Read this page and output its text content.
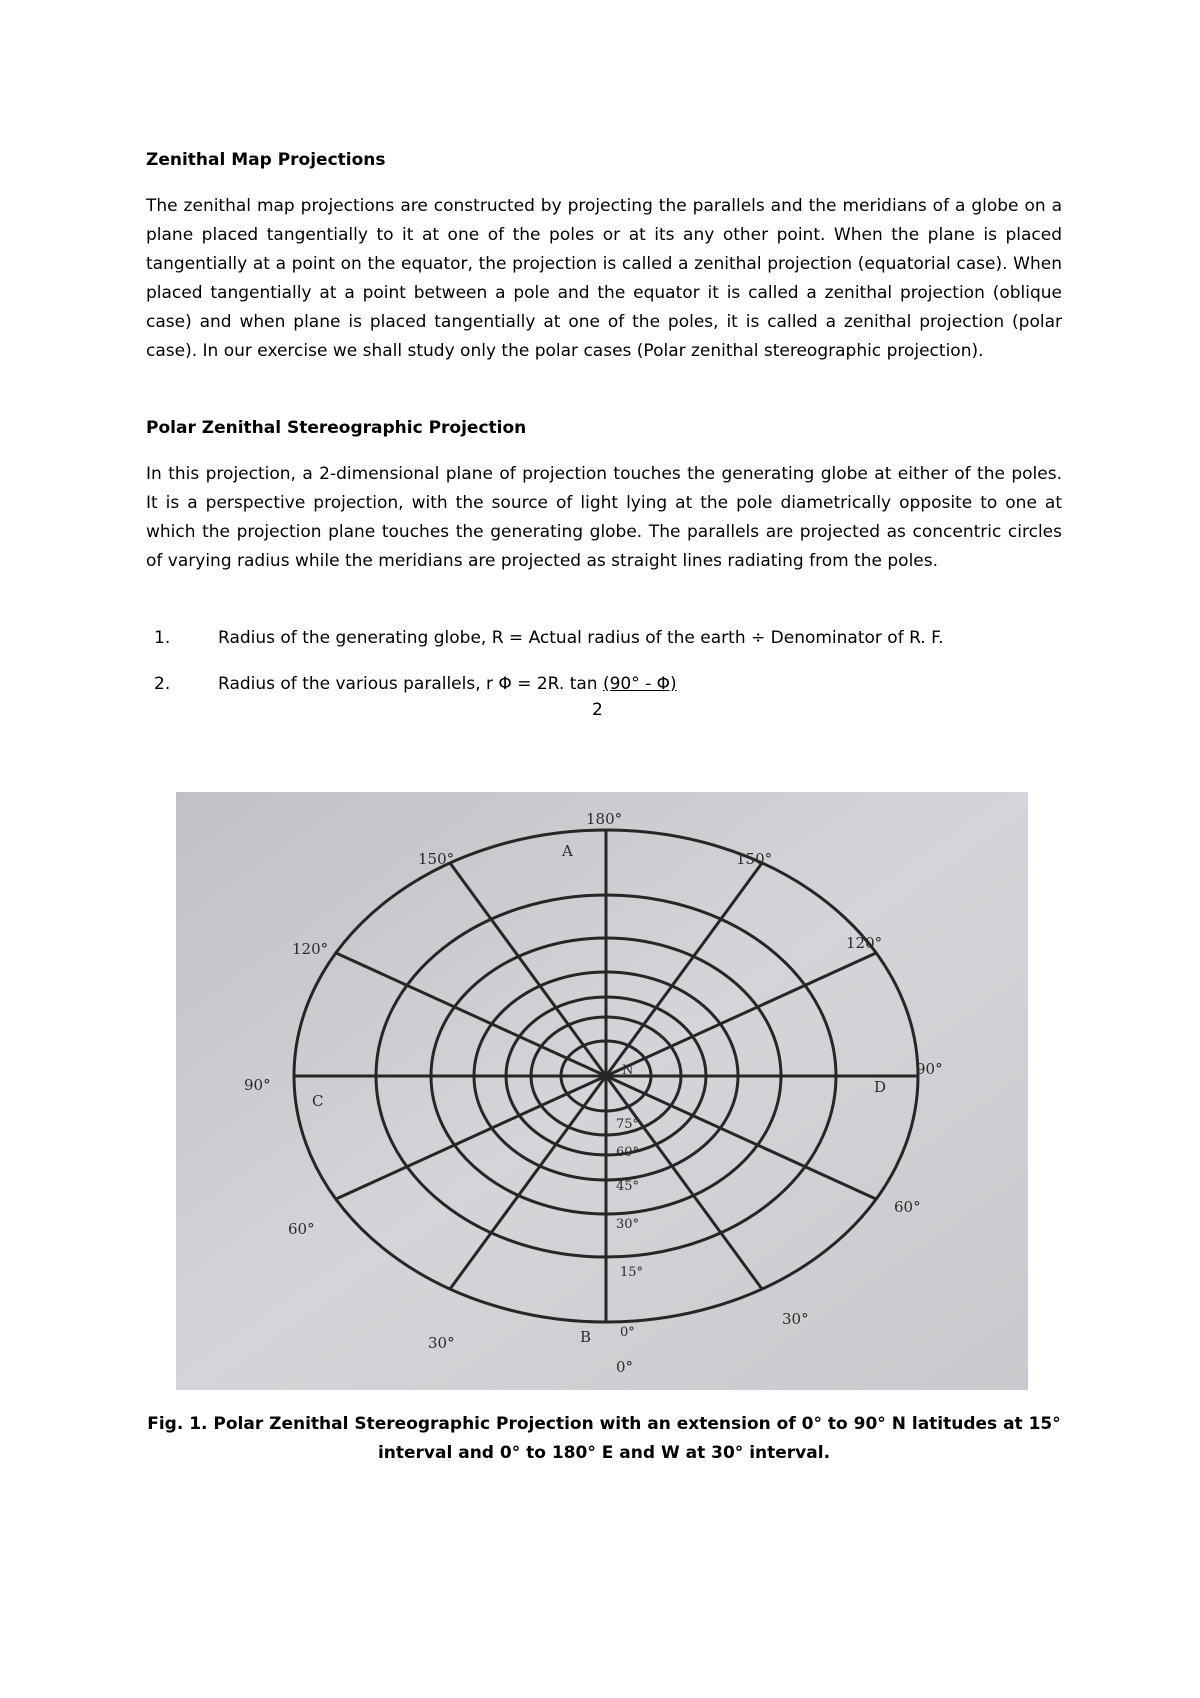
Zenithal Map Projections

The zenithal map projections are constructed by projecting the parallels and the meridians of a globe on a plane placed tangentially to it at one of the poles or at its any other point. When the plane is placed tangentially at a point on the equator, the projection is called a zenithal projection (equatorial case). When placed tangentially at a point between a pole and the equator it is called a zenithal projection (oblique case) and when plane is placed tangentially at one of the poles, it is called a zenithal projection (polar case). In our exercise we shall study only the polar cases (Polar zenithal stereographic projection).

Polar Zenithal Stereographic Projection

In this projection, a 2-dimensional plane of projection touches the generating globe at either of the poles. It is a perspective projection, with the source of light lying at the pole diametrically opposite to one at which the projection plane touches the generating globe. The parallels are projected as concentric circles of varying radius while the meridians are projected as straight lines radiating from the poles.

1.	Radius of the generating globe, R = Actual radius of the earth ÷ Denominator of R. F.
2.	Radius of the various parallels, r Φ = 2R. tan (90° - Φ)
2
180°
150°	150°
120°	120°
90°
90°
60°
60°
30°
30°
0°
A
B
C
D
N
75°
60°
45°
30°
15°
0°
Fig. 1. Polar Zenithal Stereographic Projection with an extension of 0° to 90° N latitudes at 15°
interval and 0° to 180° E and W at 30° interval.
